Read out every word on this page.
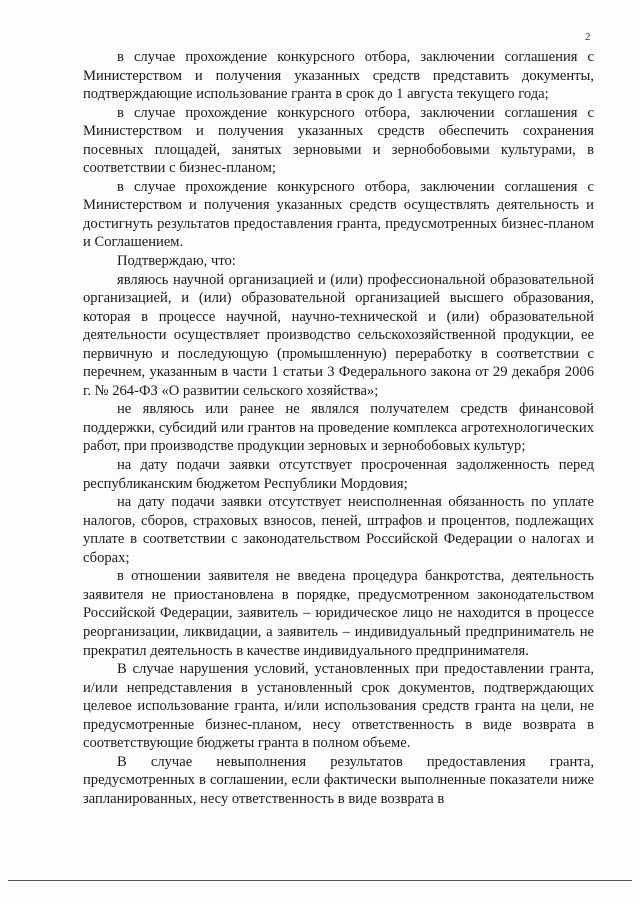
2

в случае прохождение конкурсного отбора, заключении соглашения с Министерством и получения указанных средств представить документы, подтверждающие использование гранта в срок до 1 августа текущего года;

в случае прохождение конкурсного отбора, заключении соглашения с Министерством и получения указанных средств обеспечить сохранения посевных площадей, занятых зерновыми и зернобобовыми культурами, в соответствии с бизнес-планом;

в случае прохождение конкурсного отбора, заключении соглашения с Министерством и получения указанных средств осуществлять деятельность и достигнуть результатов предоставления гранта, предусмотренных бизнес-планом и Соглашением.

Подтверждаю, что:

являюсь научной организацией и (или) профессиональной образовательной организацией, и (или) образовательной организацией высшего образования, которая в процессе научной, научно-технической и (или) образовательной деятельности осуществляет производство сельскохозяйственной продукции, ее первичную и последующую (промышленную) переработку в соответствии с перечнем, указанным в части 1 статьи 3 Федерального закона от 29 декабря 2006 г. № 264-ФЗ «О развитии сельского хозяйства»;

не являюсь или ранее не являлся получателем средств финансовой поддержки, субсидий или грантов на проведение комплекса агротехнологических работ, при производстве продукции зерновых и зернобобовых культур;

на дату подачи заявки отсутствует просроченная задолженность перед республиканским бюджетом Республики Мордовия;

на дату подачи заявки отсутствует неисполненная обязанность по уплате налогов, сборов, страховых взносов, пеней, штрафов и процентов, подлежащих уплате в соответствии с законодательством Российской Федерации о налогах и сборах;

в отношении заявителя не введена процедура банкротства, деятельность заявителя не приостановлена в порядке, предусмотренном законодательством Российской Федерации, заявитель – юридическое лицо не находится в процессе реорганизации, ликвидации, а заявитель – индивидуальный предприниматель не прекратил деятельность в качестве индивидуального предпринимателя.

В случае нарушения условий, установленных при предоставлении гранта, и/или непредставления в установленный срок документов, подтверждающих целевое использование гранта, и/или использования средств гранта на цели, не предусмотренные бизнес-планом, несу ответственность в виде возврата в соответствующие бюджеты гранта в полном объеме.

В случае невыполнения результатов предоставления гранта, предусмотренных в соглашении, если фактически выполненные показатели ниже запланированных, несу ответственность в виде возврата в
